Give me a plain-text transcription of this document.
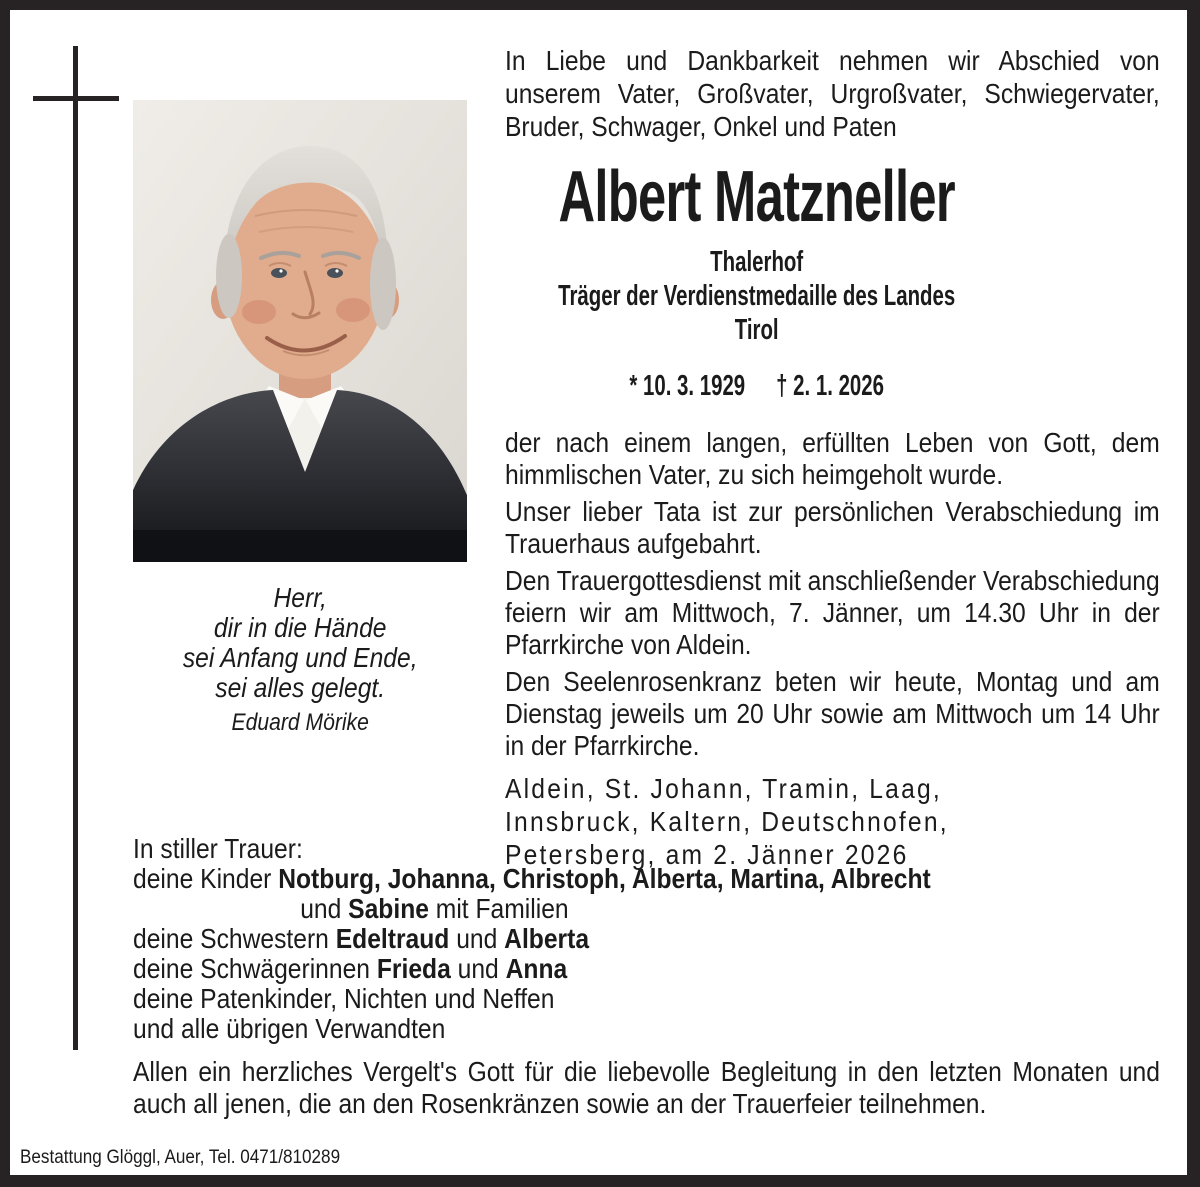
In Liebe und Dankbarkeit nehmen wir Abschied von unserem Vater, Großvater, Urgroßvater, Schwiegervater, Bruder, Schwager, Onkel und Paten

Albert Matzneller
Thalerhof
Träger der Verdienstmedaille des Landes Tirol
* 10. 3. 1929 † 2. 1. 2026

der nach einem langen, erfüllten Leben von Gott, dem himmlischen Vater, zu sich heimgeholt wurde.

Unser lieber Tata ist zur persönlichen Verabschiedung im Trauerhaus aufgebahrt.

Den Trauergottesdienst mit anschließender Verabschiedung feiern wir am Mittwoch, 7. Jänner, um 14.30 Uhr in der Pfarrkirche von Aldein.

Den Seelenrosenkranz beten wir heute, Montag und am Dienstag jeweils um 20 Uhr sowie am Mittwoch um 14 Uhr in der Pfarrkirche.

Aldein, St. Johann, Tramin, Laag,
Innsbruck, Kaltern, Deutschnofen,
Petersberg, am 2. Jänner 2026
Herr,
dir in die Hände
sei Anfang und Ende,
sei alles gelegt.
Eduard Mörike
In stiller Trauer:
deine Kinder Notburg, Johanna, Christoph, Alberta, Martina, Albrecht
und Sabine mit Familien
deine Schwestern Edeltraud und Alberta
deine Schwägerinnen Frieda und Anna
deine Patenkinder, Nichten und Neffen
und alle übrigen Verwandten

Allen ein herzliches Vergelt's Gott für die liebevolle Begleitung in den letzten Monaten und auch all jenen, die an den Rosenkränzen sowie an der Trauerfeier teilnehmen.

Bestattung Glöggl, Auer, Tel. 0471/810289
